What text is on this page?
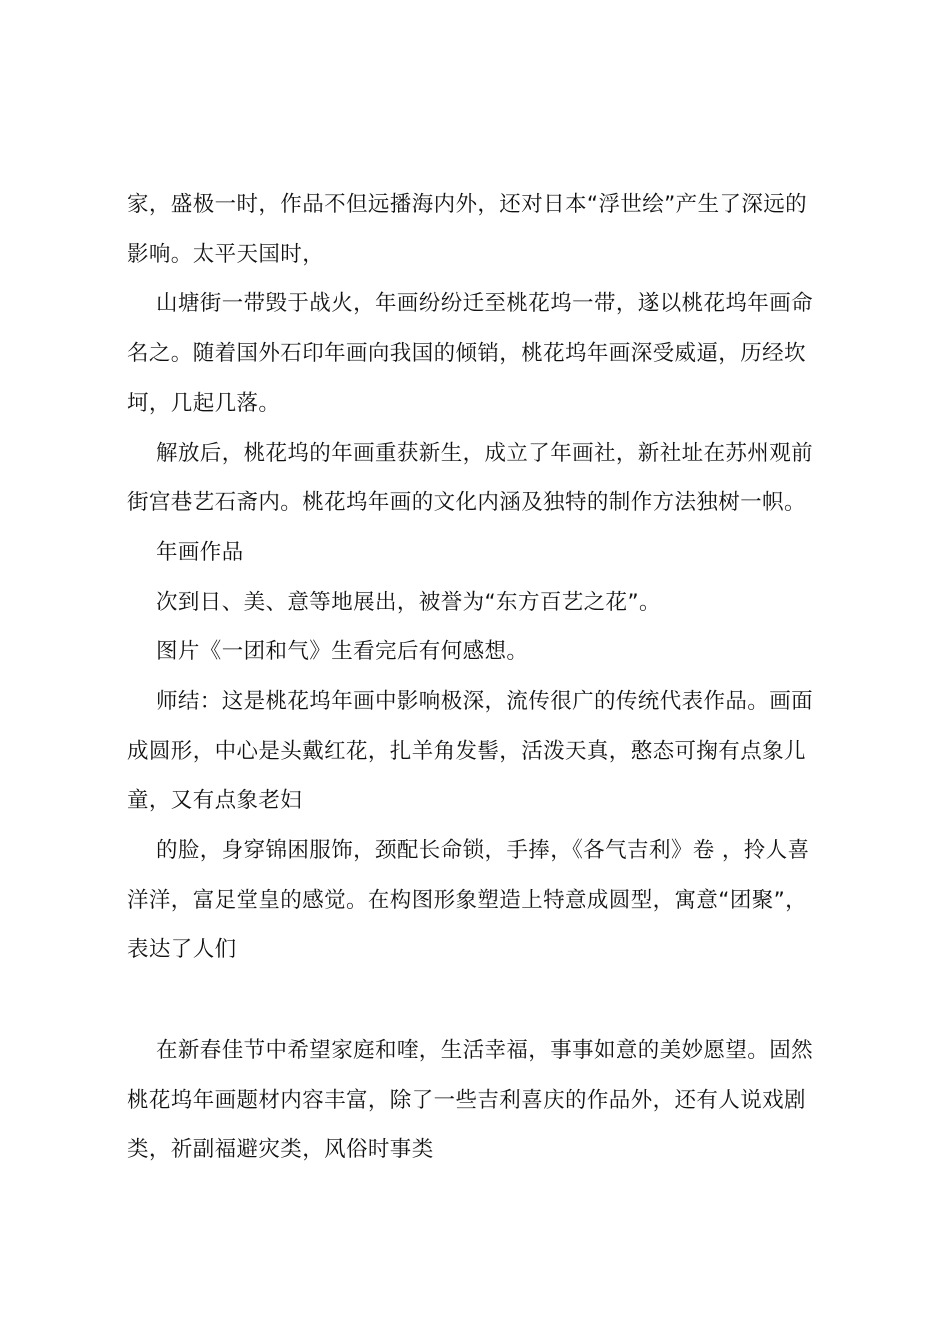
家，盛极一时，作品不但远播海内外，还对日本“浮世绘”产生了深远的
影响。太平天国时，
山塘街一带毁于战火，年画纷纷迁至桃花坞一带，遂以桃花坞年画命
名之。随着国外石印年画向我国的倾销，桃花坞年画深受威逼，历经坎
坷，几起几落。
解放后，桃花坞的年画重获新生，成立了年画社，新社址在苏州观前
街宫巷艺石斋内。桃花坞年画的文化内涵及独特的制作方法独树一帜。
年画作品
次到日、美、意等地展出，被誉为“东方百艺之花”。
图片《一团和气》生看完后有何感想。
师结：这是桃花坞年画中影响极深，流传很广的传统代表作品。画面
成圆形，中心是头戴红花，扎羊角发髻，活泼天真，憨态可掬有点象儿
童，又有点象老妇
的脸，身穿锦困服饰，颈配长命锁，手捧，《各气吉利》卷 ，拎人喜
洋洋，富足堂皇的感觉。在构图形象塑造上特意成圆型，寓意“团聚”，
表达了人们
在新春佳节中希望家庭和喹，生活幸福，事事如意的美妙愿望。固然
桃花坞年画题材内容丰富，除了一些吉利喜庆的作品外，还有人说戏剧
类，祈副福避灾类，风俗时事类
